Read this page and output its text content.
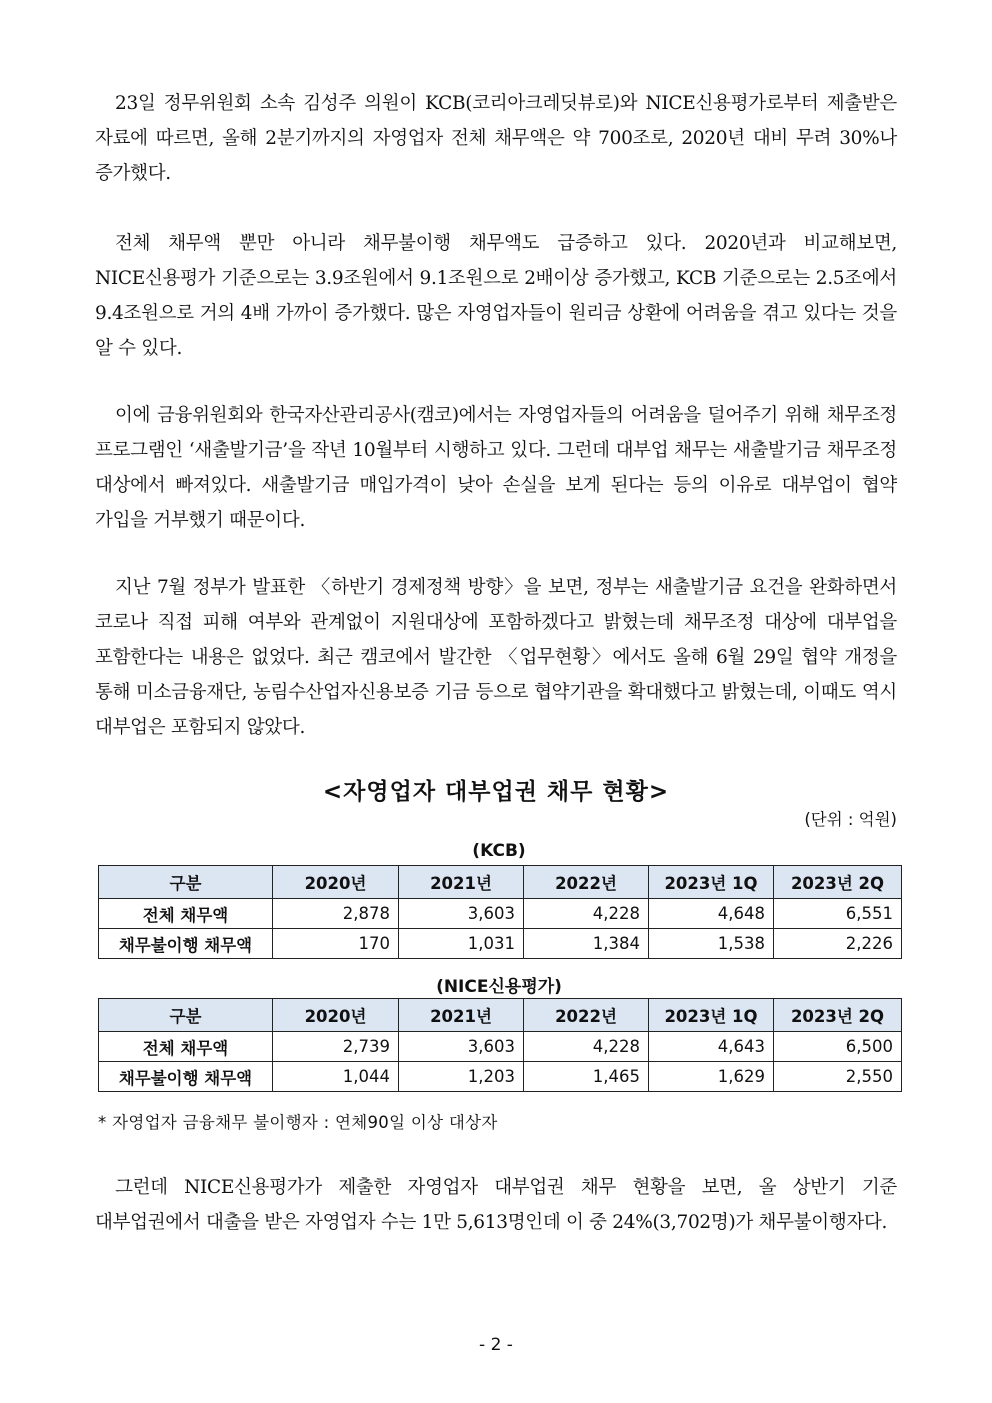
23일 정무위원회 소속 김성주 의원이 KCB(코리아크레딧뷰로)와 NICE신용평가로부터 제출받은 자료에 따르면, 올해 2분기까지의 자영업자 전체 채무액은 약 700조로, 2020년 대비 무려 30%나 증가했다.

전체 채무액 뿐만 아니라 채무불이행 채무액도 급증하고 있다. 2020년과 비교해보면, NICE신용평가 기준으로는 3.9조원에서 9.1조원으로 2배이상 증가했고, KCB 기준으로는 2.5조에서 9.4조원으로 거의 4배 가까이 증가했다. 많은 자영업자들이 원리금 상환에 어려움을 겪고 있다는 것을 알 수 있다.

이에 금융위원회와 한국자산관리공사(캠코)에서는 자영업자들의 어려움을 덜어주기 위해 채무조정 프로그램인 ‘새출발기금’을 작년 10월부터 시행하고 있다. 그런데 대부업 채무는 새출발기금 채무조정 대상에서 빠져있다. 새출발기금 매입가격이 낮아 손실을 보게 된다는 등의 이유로 대부업이 협약 가입을 거부했기 때문이다.

지난 7월 정부가 발표한 〈하반기 경제정책 방향〉을 보면, 정부는 새출발기금 요건을 완화하면서 코로나 직접 피해 여부와 관계없이 지원대상에 포함하겠다고 밝혔는데 채무조정 대상에 대부업을 포함한다는 내용은 없었다. 최근 캠코에서 발간한 〈업무현황〉에서도 올해 6월 29일 협약 개정을 통해 미소금융재단, 농림수산업자신용보증 기금 등으로 협약기관을 확대했다고 밝혔는데, 이때도 역시 대부업은 포함되지 않았다.

<자영업자 대부업권 채무 현황>
(단위 : 억원)
(KCB)
구분	2020년	2021년	2022년	2023년 1Q	2023년 2Q
전체 채무액	2,878	3,603	4,228	4,648	6,551
채무불이행 채무액	170	1,031	1,384	1,538	2,226
(NICE신용평가)
구분	2020년	2021년	2022년	2023년 1Q	2023년 2Q
전체 채무액	2,739	3,603	4,228	4,643	6,500
채무불이행 채무액	1,044	1,203	1,465	1,629	2,550
* 자영업자 금융채무 불이행자 : 연체90일 이상 대상자

그런데 NICE신용평가가 제출한 자영업자 대부업권 채무 현황을 보면, 올 상반기 기준 대부업권에서 대출을 받은 자영업자 수는 1만 5,613명인데 이 중 24%(3,702명)가 채무불이행자다.

- 2 -
